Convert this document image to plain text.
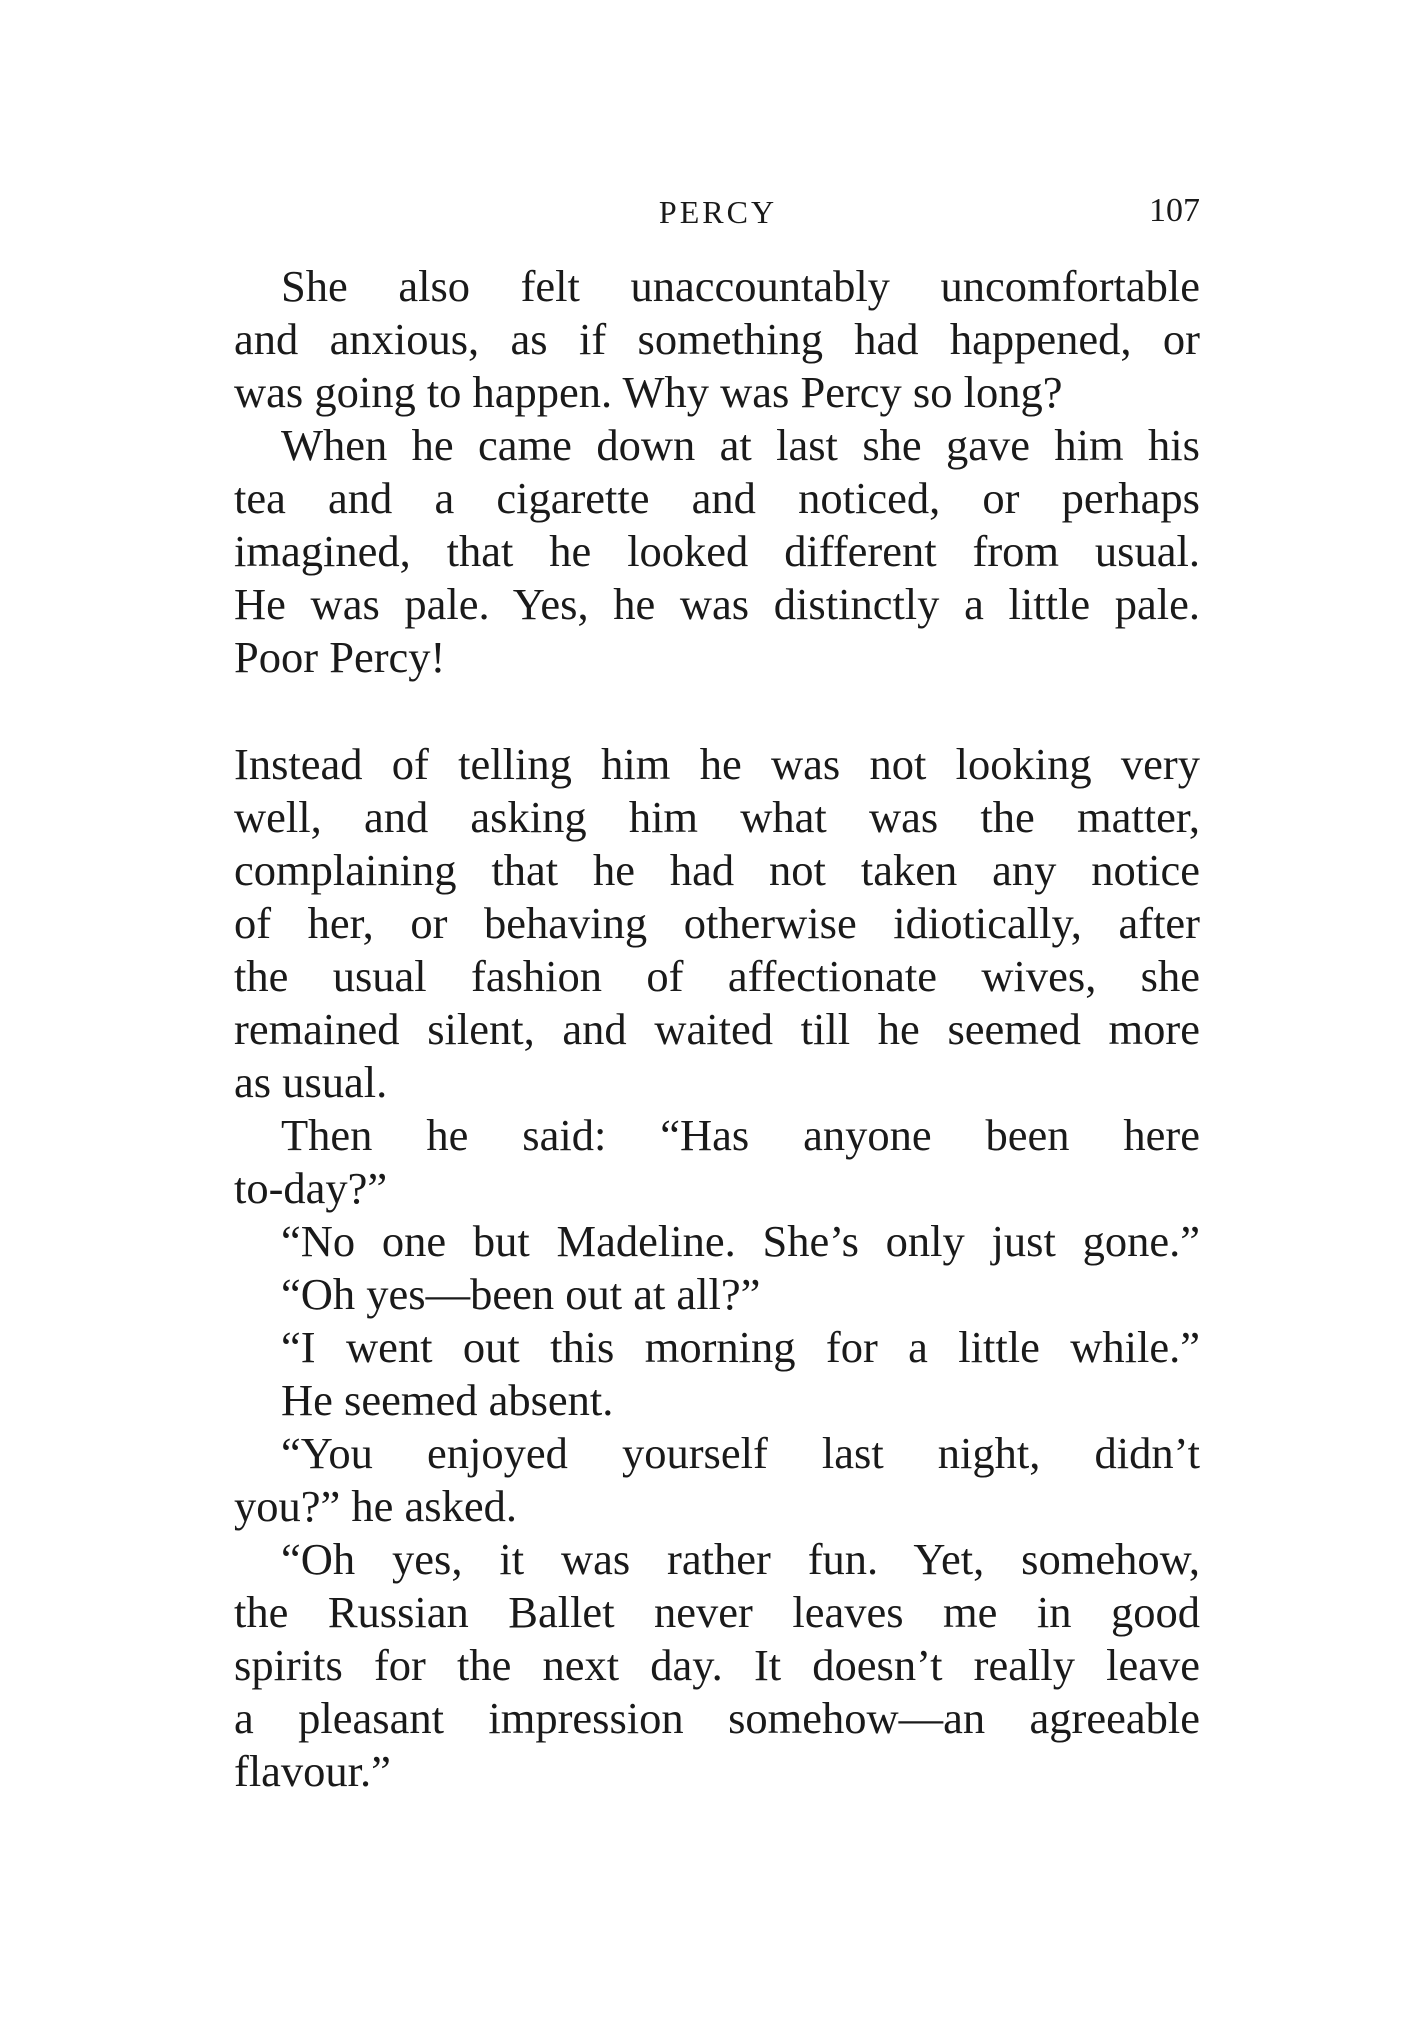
PERCY	107
She also felt unaccountably uncomfortable
and anxious, as if something had happened, or
was going to happen. Why was Percy so long?
When he came down at last she gave him his
tea and a cigarette and noticed, or perhaps
imagined, that he looked different from usual.
He was pale. Yes, he was distinctly a little pale.
Poor Percy!
Instead of telling him he was not looking very
well, and asking him what was the matter,
complaining that he had not taken any notice
of her, or behaving otherwise idiotically, after
the usual fashion of affectionate wives, she
remained silent, and waited till he seemed more
as usual.
Then he said: “Has anyone been here
to-day?”
“No one but Madeline. She’s only just gone.”
“Oh yes—been out at all?”
“I went out this morning for a little while.”
He seemed absent.
“You enjoyed yourself last night, didn’t
you?” he asked.
“Oh yes, it was rather fun. Yet, somehow,
the Russian Ballet never leaves me in good
spirits for the next day. It doesn’t really leave
a pleasant impression somehow—an agreeable
flavour.”
